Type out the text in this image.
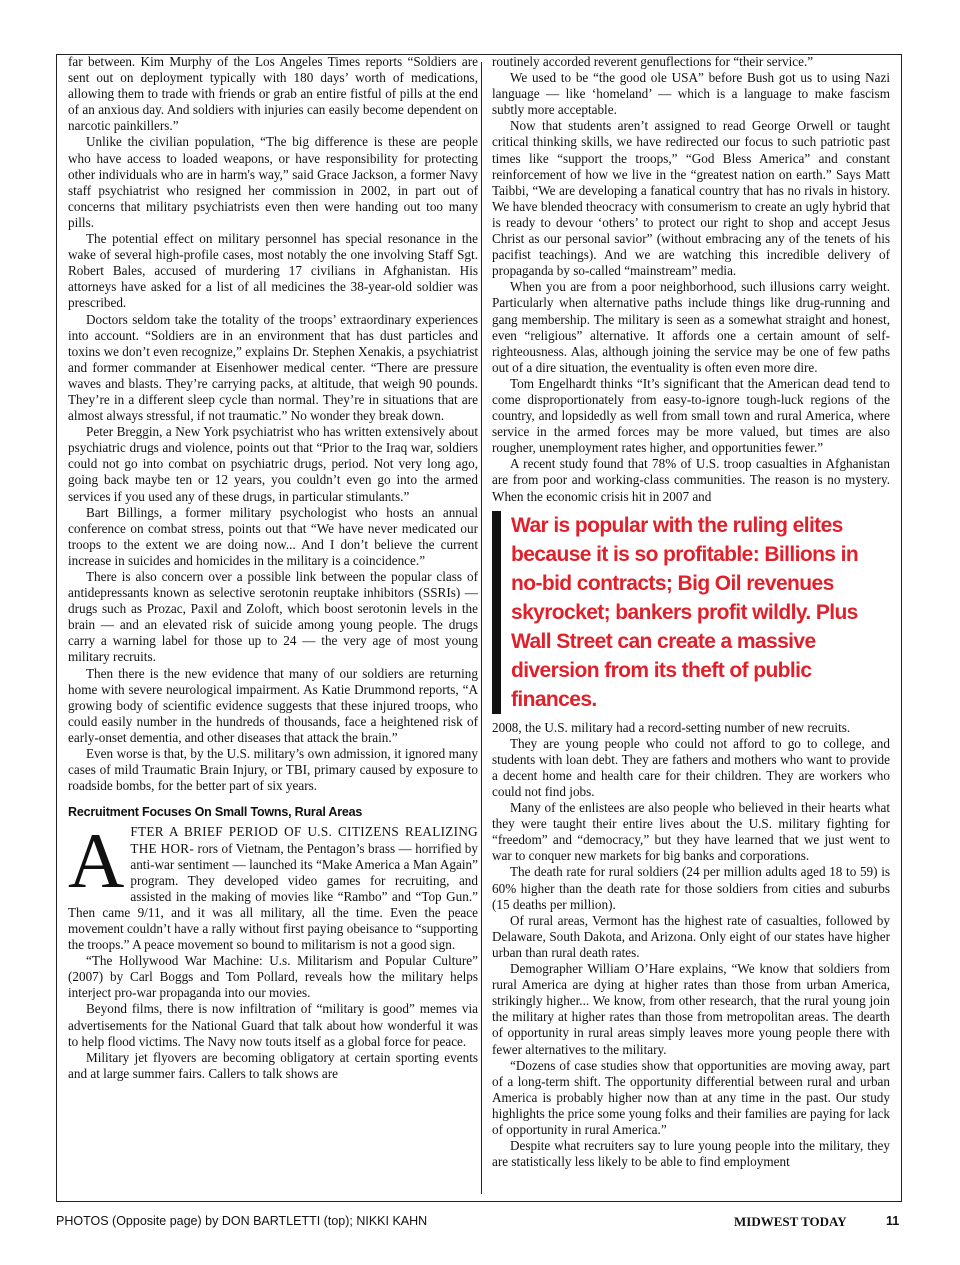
far between. Kim Murphy of the Los Angeles Times reports “Soldiers are sent out on deployment typically with 180 days’ worth of medications, allowing them to trade with friends or grab an entire fistful of pills at the end of an anxious day. And soldiers with injuries can easily become dependent on narcotic painkillers.”

Unlike the civilian population, “The big difference is these are people who have access to loaded weapons, or have responsibility for protecting other individuals who are in harm's way,” said Grace Jackson, a former Navy staff psychiatrist who resigned her commission in 2002, in part out of concerns that military psychiatrists even then were handing out too many pills.

The potential effect on military personnel has special resonance in the wake of several high-profile cases, most notably the one involving Staff Sgt. Robert Bales, accused of murdering 17 civilians in Afghanistan. His attorneys have asked for a list of all medicines the 38-year-old soldier was prescribed.

Doctors seldom take the totality of the troops’ extraordinary experiences into account. “Soldiers are in an environment that has dust particles and toxins we don’t even recognize,” explains Dr. Stephen Xenakis, a psychiatrist and former commander at Eisenhower medical center. “There are pressure waves and blasts. They’re carrying packs, at altitude, that weigh 90 pounds. They’re in a different sleep cycle than normal. They’re in situations that are almost always stressful, if not traumatic.” No wonder they break down.

Peter Breggin, a New York psychiatrist who has written extensively about psychiatric drugs and violence, points out that “Prior to the Iraq war, soldiers could not go into combat on psychiatric drugs, period. Not very long ago, going back maybe ten or 12 years, you couldn’t even go into the armed services if you used any of these drugs, in particular stimulants.”

Bart Billings, a former military psychologist who hosts an annual conference on combat stress, points out that “We have never medicated our troops to the extent we are doing now... And I don’t believe the current increase in suicides and homicides in the military is a coincidence.”

There is also concern over a possible link between the popular class of antidepressants known as selective serotonin reuptake inhibitors (SSRIs) — drugs such as Prozac, Paxil and Zoloft, which boost serotonin levels in the brain — and an elevated risk of suicide among young people. The drugs carry a warning label for those up to 24 — the very age of most young military recruits.

Then there is the new evidence that many of our soldiers are returning home with severe neurological impairment. As Katie Drummond reports, “A growing body of scientific evidence suggests that these injured troops, who could easily number in the hundreds of thousands, face a heightened risk of early-onset dementia, and other diseases that attack the brain.”

Even worse is that, by the U.S. military’s own admission, it ignored many cases of mild Traumatic Brain Injury, or TBI, primary caused by exposure to roadside bombs, for the better part of six years.

Recruitment Focuses On Small Towns, Rural Areas
A FTER A BRIEF PERIOD OF U.S. CITIZENS REALIZING THE HOR- rors of Vietnam, the Pentagon’s brass — horrified by anti-war sentiment — launched its “Make America a Man Again” program. They developed video games for recruiting, and assisted in the making of movies like “Rambo” and “Top Gun.” Then came 9/11, and it was all military, all the time. Even the peace movement couldn’t have a rally without first paying obeisance to “supporting the troops.” A peace movement so bound to militarism is not a good sign.

“The Hollywood War Machine: U.s. Militarism and Popular Culture” (2007) by Carl Boggs and Tom Pollard, reveals how the military helps interject pro-war propaganda into our movies.

Beyond films, there is now infiltration of “military is good” memes via advertisements for the National Guard that talk about how wonderful it was to help flood victims. The Navy now touts itself as a global force for peace.

Military jet flyovers are becoming obligatory at certain sporting events and at large summer fairs. Callers to talk shows are

routinely accorded reverent genuflections for “their service.”

We used to be “the good ole USA” before Bush got us to using Nazi language — like ‘homeland’ — which is a language to make fascism subtly more acceptable.

Now that students aren’t assigned to read George Orwell or taught critical thinking skills, we have redirected our focus to such patriotic past times like “support the troops,” “God Bless America” and constant reinforcement of how we live in the “greatest nation on earth.” Says Matt Taibbi, “We are developing a fanatical country that has no rivals in history. We have blended theocracy with consumerism to create an ugly hybrid that is ready to devour ‘others’ to protect our right to shop and accept Jesus Christ as our personal savior” (without embracing any of the tenets of his pacifist teachings). And we are watching this incredible delivery of propaganda by so-called “mainstream” media.

When you are from a poor neighborhood, such illusions carry weight. Particularly when alternative paths include things like drug-running and gang membership. The military is seen as a somewhat straight and honest, even “religious” alternative. It affords one a certain amount of self-righteousness. Alas, although joining the service may be one of few paths out of a dire situation, the eventuality is often even more dire.

Tom Engelhardt thinks “It’s significant that the American dead tend to come disproportionately from easy-to-ignore tough-luck regions of the country, and lopsidedly as well from small town and rural America, where service in the armed forces may be more valued, but times are also rougher, unemployment rates higher, and opportunities fewer.”

A recent study found that 78% of U.S. troop casualties in Afghanistan are from poor and working-class communities. The reason is no mystery. When the economic crisis hit in 2007 and

War is popular with the ruling elites because it is so profitable: Billions in no-bid contracts; Big Oil revenues skyrocket; bankers profit wildly. Plus Wall Street can create a massive diversion from its theft of public finances.

2008, the U.S. military had a record-setting number of new recruits.

They are young people who could not afford to go to college, and students with loan debt. They are fathers and mothers who want to provide a decent home and health care for their children. They are workers who could not find jobs.

Many of the enlistees are also people who believed in their hearts what they were taught their entire lives about the U.S. military fighting for “freedom” and “democracy,” but they have learned that we just went to war to conquer new markets for big banks and corporations.

The death rate for rural soldiers (24 per million adults aged 18 to 59) is 60% higher than the death rate for those soldiers from cities and suburbs (15 deaths per million).

Of rural areas, Vermont has the highest rate of casualties, followed by Delaware, South Dakota, and Arizona. Only eight of our states have higher urban than rural death rates.

Demographer William O’Hare explains, “We know that soldiers from rural America are dying at higher rates than those from urban America, strikingly higher... We know, from other research, that the rural young join the military at higher rates than those from metropolitan areas. The dearth of opportunity in rural areas simply leaves more young people there with fewer alternatives to the military.

“Dozens of case studies show that opportunities are moving away, part of a long-term shift. The opportunity differential between rural and urban America is probably higher now than at any time in the past. Our study highlights the price some young folks and their families are paying for lack of opportunity in rural America.”

Despite what recruiters say to lure young people into the military, they are statistically less likely to be able to find employment

PHOTOS (Opposite page) by DON BARTLETTI (top); NIKKI KAHN	MIDWEST TODAY	11
